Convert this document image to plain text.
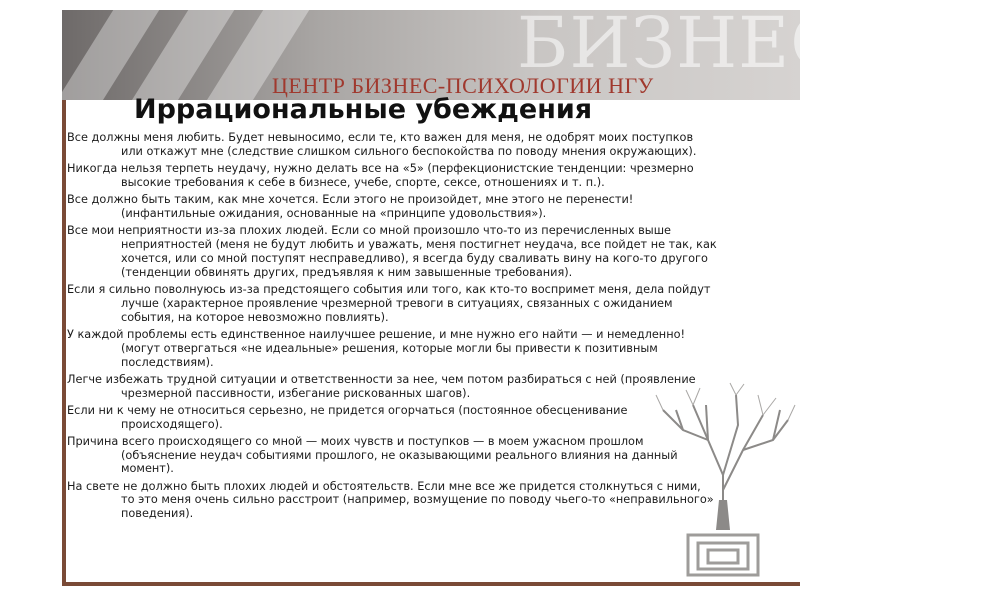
БИЗНЕС-ПС
ЦЕНТР БИЗНЕС-ПСИХОЛОГИИ НГУ
Иррациональные убеждения
Все должны меня любить. Будет невыносимо, если те, кто важен для меня, не одобрят моих поступков или откажут мне (следствие слишком сильного беспокойства по поводу мнения окружающих).
Никогда нельзя терпеть неудачу, нужно делать все на «5» (перфекционистские тенденции: чрезмерно высокие требования к себе в бизнесе, учебе, спорте, сексе, отношениях и т. п.).
Все должно быть таким, как мне хочется. Если этого не произойдет, мне этого не перенести! (инфантильные ожидания, основанные на «принципе удовольствия»).
Все мои неприятности из-за плохих людей. Если со мной произошло что-то из перечисленных выше неприятностей (меня не будут любить и уважать, меня постигнет неудача, все пойдет не так, как хочется, или со мной поступят несправедливо), я всегда буду сваливать вину на кого-то другого (тенденции обвинять других, предъявляя к ним завышенные требования).
Если я сильно поволнуюсь из-за предстоящего события или того, как кто-то воспримет меня, дела пойдут лучше (характерное проявление чрезмерной тревоги в ситуациях, связанных с ожиданием события, на которое невозможно повлиять).
У каждой проблемы есть единственное наилучшее решение, и мне нужно его найти — и немедленно! (могут отвергаться «не идеальные» решения, которые могли бы привести к позитивным последствиям).
Легче избежать трудной ситуации и ответственности за нее, чем потом разбираться с ней (проявление чрезмерной пассивности, избегание рискованных шагов).
Если ни к чему не относиться серьезно, не придется огорчаться (постоянное обесценивание происходящего).
Причина всего происходящего со мной — моих чувств и поступков — в моем ужасном прошлом (объяснение неудач событиями прошлого, не оказывающими реального влияния на данный момент).
На свете не должно быть плохих людей и обстоятельств. Если мне все же придется столкнуться с ними, то это меня очень сильно расстроит (например, возмущение по поводу чьего-то «неправильного» поведения).
